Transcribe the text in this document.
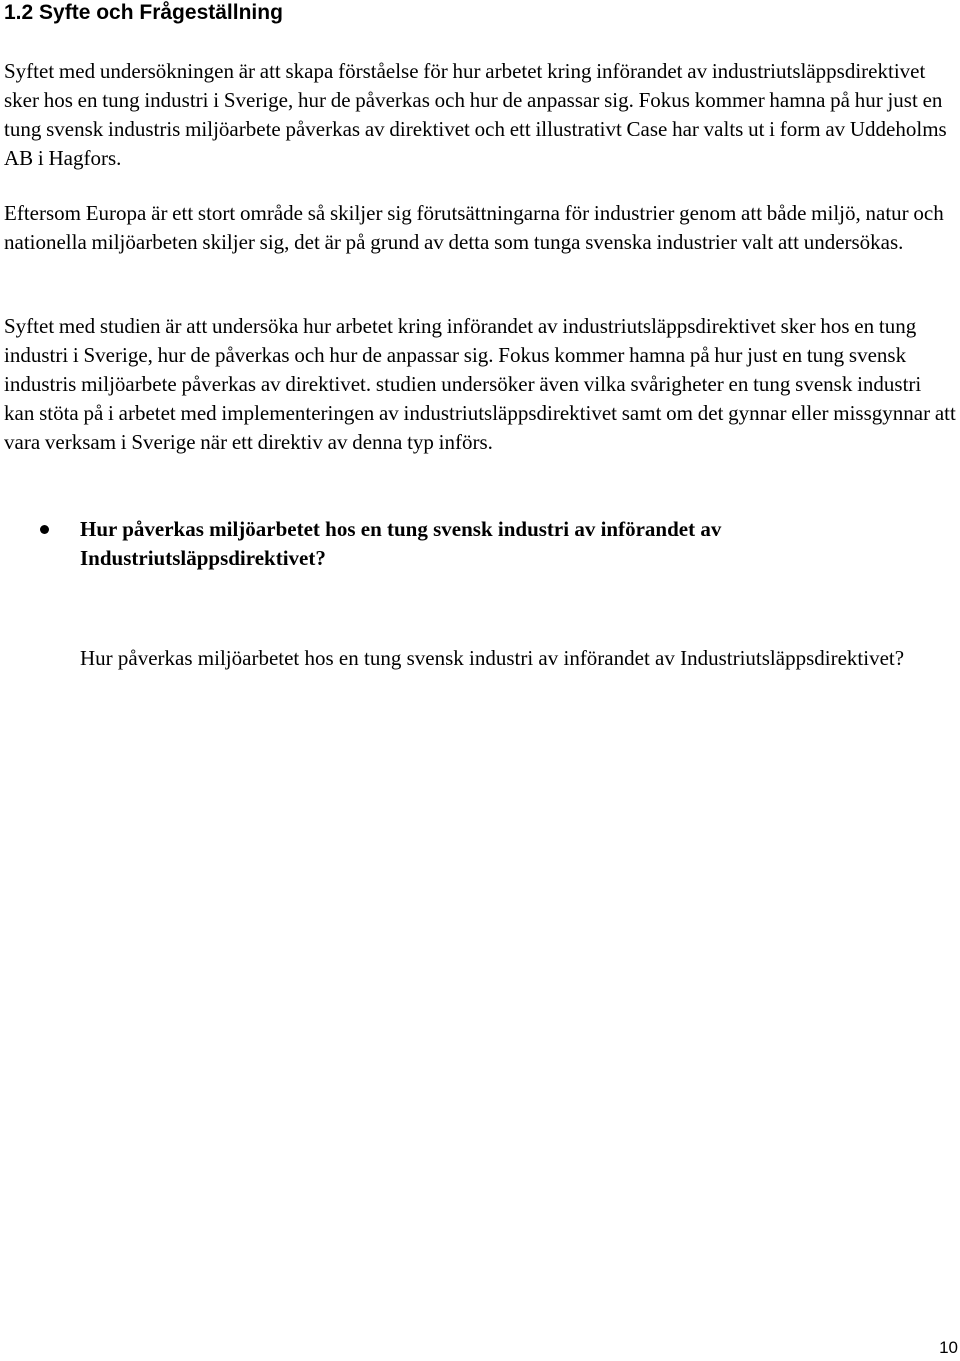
1.2 Syfte och Frågeställning

Syftet med undersökningen är att skapa förståelse för hur arbetet kring införandet av industriutsläppsdirektivet sker hos en tung industri i Sverige, hur de påverkas och hur de anpassar sig. Fokus kommer hamna på hur just en tung svensk industris miljöarbete påverkas av direktivet och ett illustrativt Case har valts ut i form av Uddeholms AB i Hagfors.

Eftersom Europa är ett stort område så skiljer sig förutsättningarna för industrier genom att både miljö, natur och nationella miljöarbeten skiljer sig, det är på grund av detta som tunga svenska industrier valt att undersökas.

Syftet med studien är att undersöka hur arbetet kring införandet av industriutsläppsdirektivet sker hos en tung industri i Sverige, hur de påverkas och hur de anpassar sig. Fokus kommer hamna på hur just en tung svensk industris miljöarbete påverkas av direktivet. studien undersöker även vilka svårigheter en tung svensk industri kan stöta på i arbetet med implementeringen av industriutsläppsdirektivet samt om det gynnar eller missgynnar att vara verksam i Sverige när ett direktiv av denna typ införs.

Hur påverkas miljöarbetet hos en tung svensk industri av införandet av Industriutsläppsdirektivet?

Hur påverkas miljöarbetet hos en tung svensk industri av införandet av Industriutsläppsdirektivet?

10
